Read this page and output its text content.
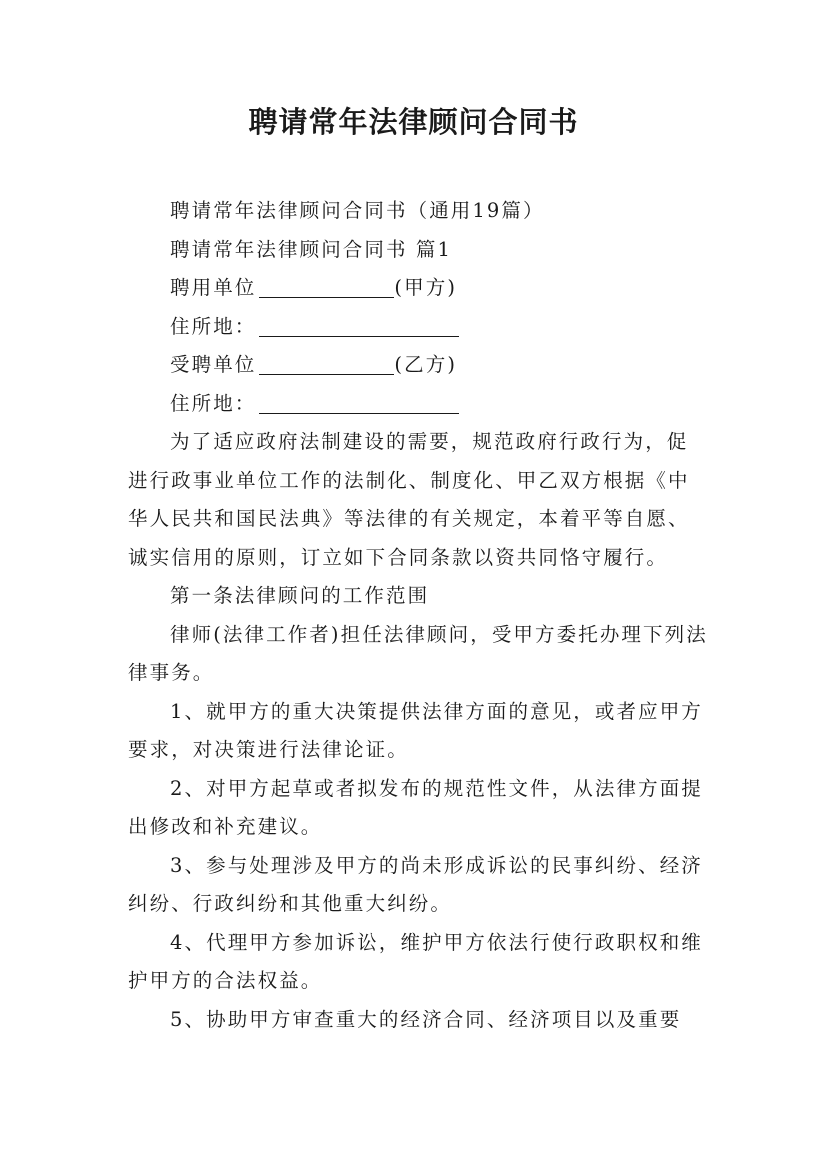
聘请常年法律顾问合同书

聘请常年法律顾问合同书（通用19篇）

聘请常年法律顾问合同书 篇1

聘用单位	(甲方)

住所地：

受聘单位	(乙方)

住所地：

为了适应政府法制建设的需要，规范政府行政行为，促进行政事业单位工作的法制化、制度化、甲乙双方根据《中华人民共和国民法典》等法律的有关规定，本着平等自愿、诚实信用的原则，订立如下合同条款以资共同恪守履行。

第一条法律顾问的工作范围

律师(法律工作者)担任法律顾问，受甲方委托办理下列法律事务。

1、就甲方的重大决策提供法律方面的意见，或者应甲方要求，对决策进行法律论证。

2、对甲方起草或者拟发布的规范性文件，从法律方面提出修改和补充建议。

3、参与处理涉及甲方的尚未形成诉讼的民事纠纷、经济纠纷、行政纠纷和其他重大纠纷。

4、代理甲方参加诉讼，维护甲方依法行使行政职权和维护甲方的合法权益。

5、协助甲方审查重大的经济合同、经济项目以及重要
